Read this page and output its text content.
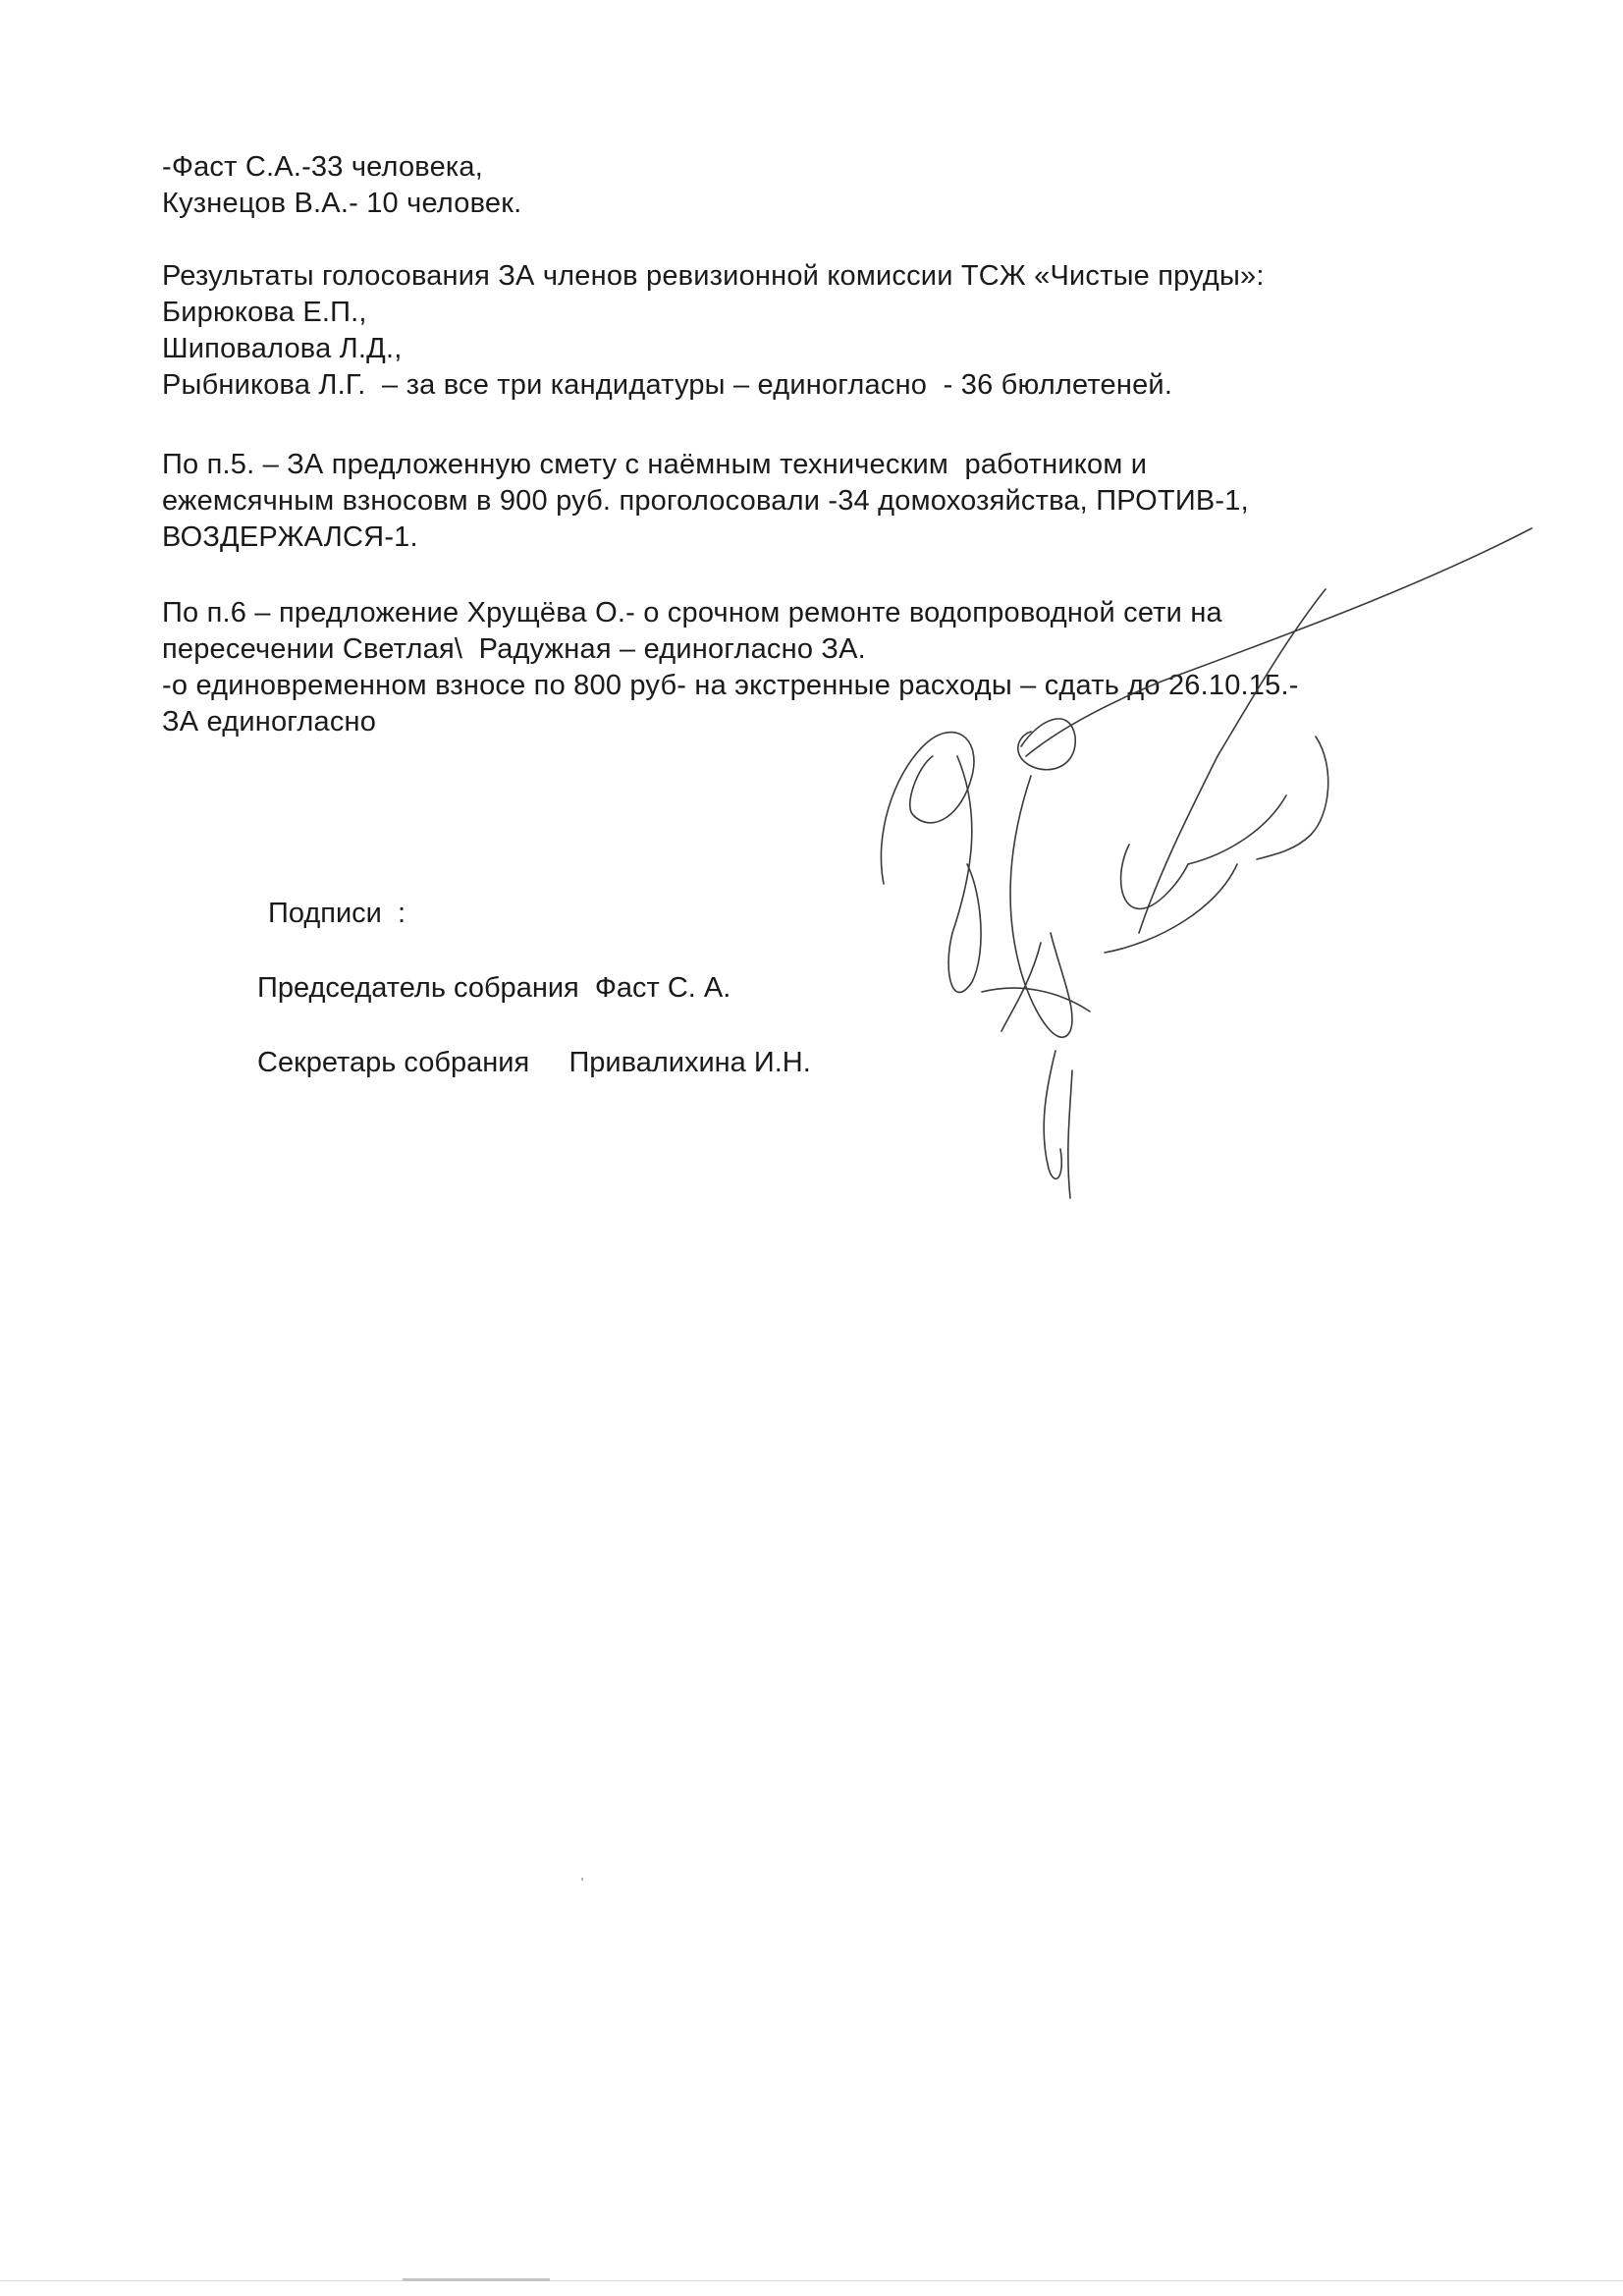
-Фаст С.А.-33 человека,
Кузнецов В.А.- 10 человек.
Результаты голосования ЗА членов ревизионной комиссии ТСЖ «Чистые пруды»:
Бирюкова Е.П.,
Шиповалова Л.Д.,
Рыбникова Л.Г.  – за все три кандидатуры – единогласно  - 36 бюллетеней.
По п.5. – ЗА предложенную смету с наёмным техническим  работником и
ежемсячным взносовм в 900 руб. проголосовали -34 домохозяйства, ПРОТИВ-1,
ВОЗДЕРЖАЛСЯ-1.
По п.6 – предложение Хрущёва О.- о срочном ремонте водопроводной сети на
пересечении Светлая\  Радужная – единогласно ЗА.
-о единовременном взносе по 800 руб- на экстренные расходы – сдать до 26.10.15.-
ЗА единогласно
Подписи  :
Председатель собрания  Фаст С. А.
Секретарь собрания     Привалихина И.Н.
